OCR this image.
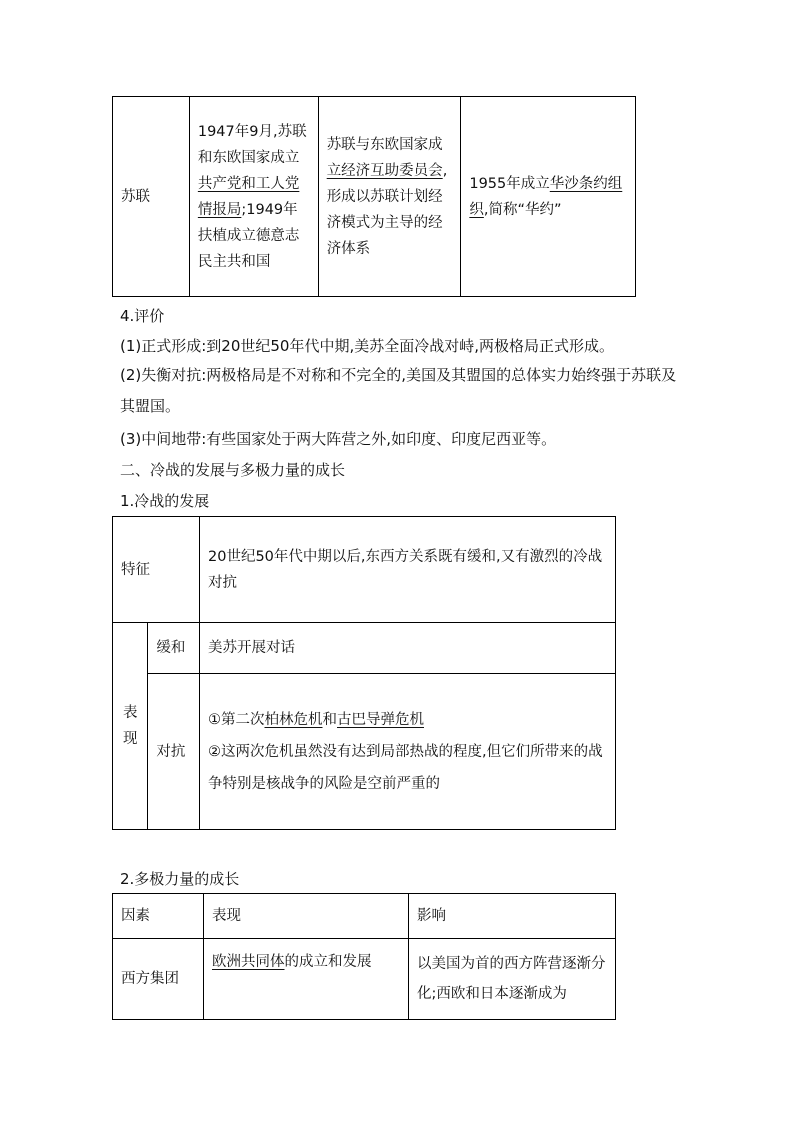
苏联	1947年9月,苏联和东欧国家成立共产党和工人党情报局;1949年扶植成立德意志民主共和国	苏联与东欧国家成立经济互助委员会,形成以苏联计划经济模式为主导的经济体系	1955年成立华沙条约组织,简称“华约”
4.评价
(1)正式形成:到20世纪50年代中期,美苏全面冷战对峙,两极格局正式形成。
(2)失衡对抗:两极格局是不对称和不完全的,美国及其盟国的总体实力始终强于苏联及其盟国。
(3)中间地带:有些国家处于两大阵营之外,如印度、印度尼西亚等。
二、冷战的发展与多极力量的成长
1.冷战的发展
特征		20世纪50年代中期以后,东西方关系既有缓和,又有激烈的冷战对抗
表现	缓和	美苏开展对话
	对抗	①第二次柏林危机和古巴导弹危机
②这两次危机虽然没有达到局部热战的程度,但它们所带来的战争特别是核战争的风险是空前严重的
2.多极力量的成长
因素	表现	影响
西方集团	欧洲共同体的成立和发展	以美国为首的西方阵营逐渐分化;西欧和日本逐渐成为
